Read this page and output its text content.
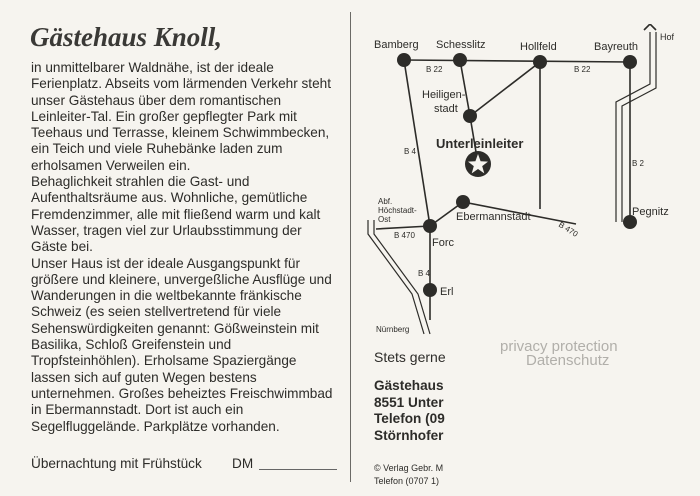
Gästehaus Knoll,

in unmittelbarer Waldnähe, ist der ideale Ferienplatz. Abseits vom lärmenden Verkehr steht unser Gästehaus über dem romantischen Leinleiter-Tal. Ein großer gepflegter Park mit Teehaus und Terrasse, kleinem Schwimmbecken, ein Teich und viele Ruhebänke laden zum erholsamen Verweilen ein.

Behaglichkeit strahlen die Gast- und Aufenthaltsräume aus. Wohnliche, gemütliche Fremdenzimmer, alle mit fließend warm und kalt Wasser, tragen viel zur Urlaubsstimmung der Gäste bei.

Unser Haus ist der ideale Ausgangspunkt für größere und kleinere, unvergeßliche Ausflüge und Wanderungen in die weltbekannte fränkische Schweiz (es seien stellvertretend für viele Sehenswürdigkeiten genannt: Gößweinstein mit Basilika, Schloß Greifenstein und Tropfsteinhöhlen). Erholsame Spaziergänge lassen sich auf guten Wegen bestens unternehmen. Großes beheiztes Freischwimmbad in Ebermannstadt. Dort ist auch ein Segelfluggelände. Parkplätze vorhanden.

Übernachtung mit Frühstück DM
Bamberg Schesslitz	Hollfeld	Bayreuth
Hof
Heiligen-
stadt
Unterleinleiter
Ebermannstadt	Pegnitz
Forc
Erl
Nürnberg
B 22	B 22
B 4
B 4
B 470	B 470
B 2
Abf.
Höchstadt-
Ost
Stets gerne
Gästehaus
8551 Unter
Telefon (09
Störnhofer
© Verlag Gebr. M
Telefon (0707 1)
privacy protection
Datenschutz
